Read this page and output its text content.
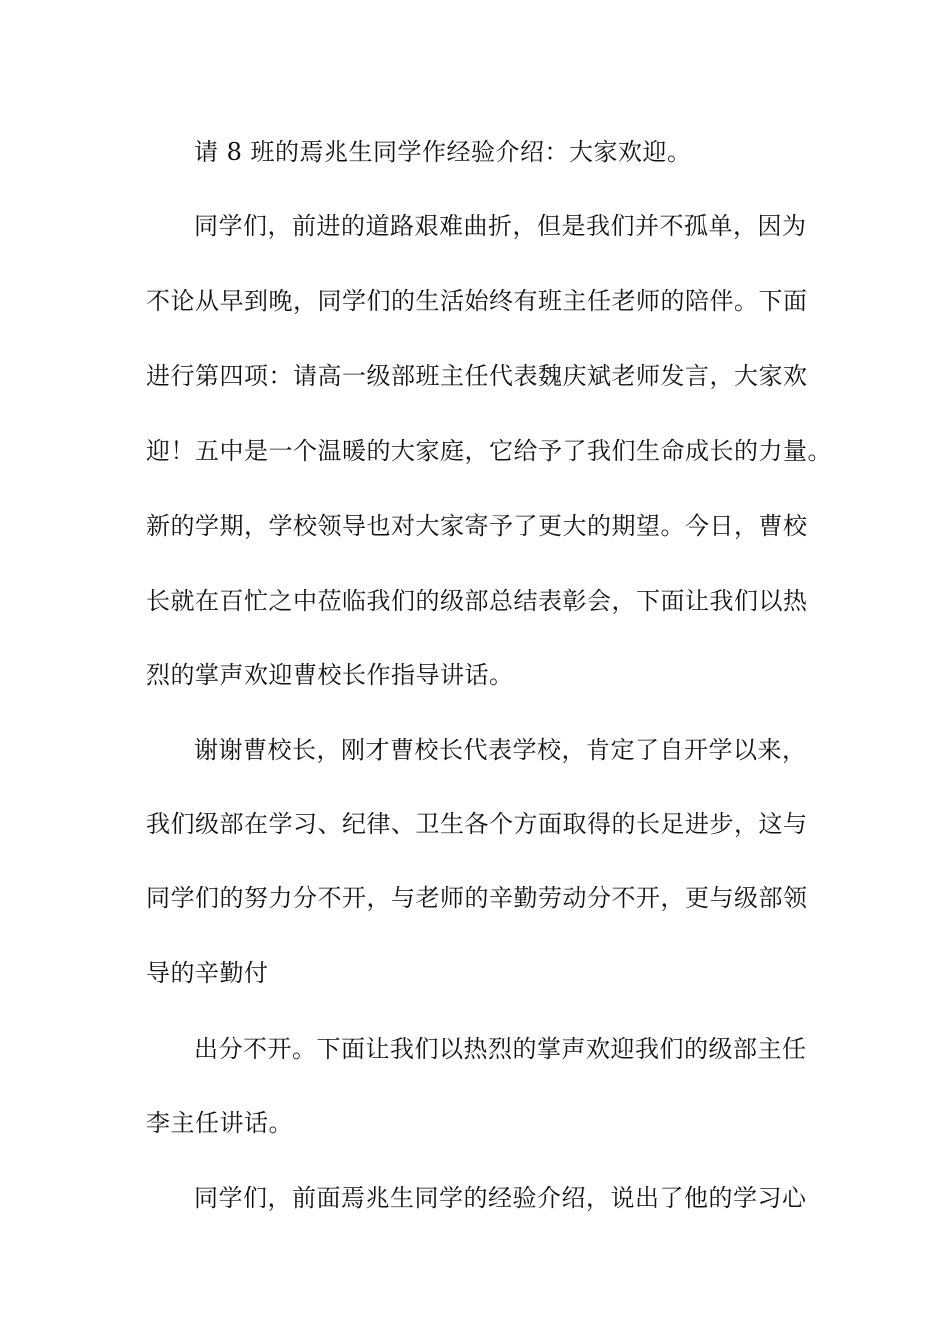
请 8 班的焉兆生同学作经验介绍：大家欢迎。
同学们，前进的道路艰难曲折，但是我们并不孤单，因为
不论从早到晚，同学们的生活始终有班主任老师的陪伴。下面
进行第四项：请高一级部班主任代表魏庆斌老师发言，大家欢
迎！五中是一个温暖的大家庭，它给予了我们生命成长的力量。
新的学期，学校领导也对大家寄予了更大的期望。今日，曹校
长就在百忙之中莅临我们的级部总结表彰会，下面让我们以热
烈的掌声欢迎曹校长作指导讲话。
谢谢曹校长，刚才曹校长代表学校，肯定了自开学以来，
我们级部在学习、纪律、卫生各个方面取得的长足进步，这与
同学们的努力分不开，与老师的辛勤劳动分不开，更与级部领
导的辛勤付
出分不开。下面让我们以热烈的掌声欢迎我们的级部主任
李主任讲话。
同学们，前面焉兆生同学的经验介绍，说出了他的学习心
